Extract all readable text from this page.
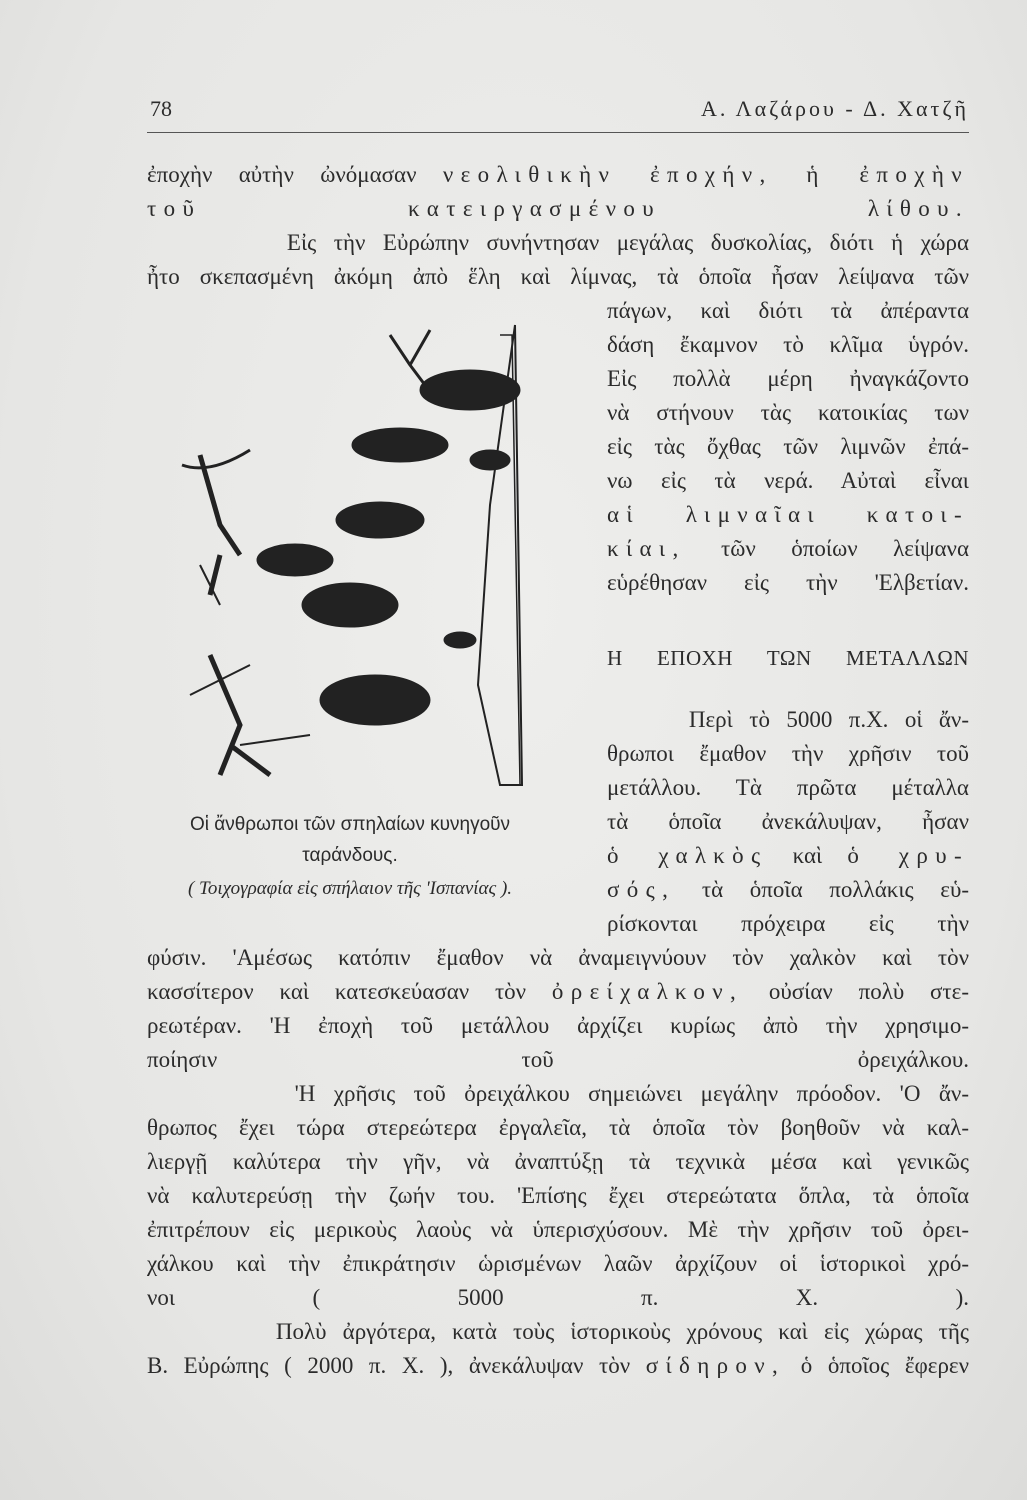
78	Α. Λαζάρου - Δ. Χατζῆ
ἐποχὴν αὐτὴν ὠνόμασαν νεολιθικὴν ἐποχήν, ἡ ἐποχὴν
τοῦ κατειργασμένου λίθου.
Εἰς τὴν Εὐρώπην συνήντησαν μεγάλας δυσκολίας, διότι ἡ χώρα
ἦτο σκεπασμένη ἀκόμη ἀπὸ ἕλη καὶ λίμνας, τὰ ὁποῖα ἦσαν λείψανα τῶν
πάγων, καὶ διότι τὰ ἀπέραντα
δάση ἔκαμνον τὸ κλῖμα ὑγρόν.
Εἰς πολλὰ μέρη ἠναγκάζοντο
νὰ στήνουν τὰς κατοικίας των
εἰς τὰς ὄχθας τῶν λιμνῶν ἐπά-
νω εἰς τὰ νερά. Αὐταὶ εἶναι
αἱ λιμναῖαι κατοι-
κίαι, τῶν ὁποίων λείψανα
εὑρέθησαν εἰς τὴν 'Ελβετίαν.
Περὶ τὸ 5000 π.Χ. οἱ ἄν-
θρωποι ἔμαθον τὴν χρῆσιν τοῦ
μετάλλου. Τὰ πρῶτα μέταλλα
τὰ ὁποῖα ἀνεκάλυψαν, ἦσαν
ὁ χαλκὸς καὶ ὁ χρυ-
σός, τὰ ὁποῖα πολλάκις εὑ-
ρίσκονται πρόχειρα εἰς τὴν
φύσιν. 'Αμέσως κατόπιν ἔμαθον νὰ ἀναμειγνύουν τὸν χαλκὸν καὶ τὸν
κασσίτερον καὶ κατεσκεύασαν τὸν ὀρείχαλκον, οὐσίαν πολὺ στε-
ρεωτέραν. 'Η ἐποχὴ τοῦ μετάλλου ἀρχίζει κυρίως ἀπὸ τὴν χρησιμο-
ποίησιν τοῦ ὀρειχάλκου.
'Η χρῆσις τοῦ ὀρειχάλκου σημειώνει μεγάλην πρόοδον. 'Ο ἄν-
θρωπος ἔχει τώρα στερεώτερα ἐργαλεῖα, τὰ ὁποῖα τὸν βοηθοῦν νὰ καλ-
λιεργῇ καλύτερα τὴν γῆν, νὰ ἀναπτύξῃ τὰ τεχνικὰ μέσα καὶ γενικῶς
νὰ καλυτερεύσῃ τὴν ζωήν του. 'Επίσης ἔχει στερεώτατα ὅπλα, τὰ ὁποῖα
ἐπιτρέπουν εἰς μερικοὺς λαοὺς νὰ ὑπερισχύσουν. Μὲ τὴν χρῆσιν τοῦ ὀρει-
χάλκου καὶ τὴν ἐπικράτησιν ὡρισμένων λαῶν ἀρχίζουν οἱ ἱστορικοὶ χρό-
νοι ( 5000 π. Χ. ).
Πολὺ ἀργότερα, κατὰ τοὺς ἱστορικοὺς χρόνους καὶ εἰς χώρας τῆς
Β. Εὐρώπης ( 2000 π. Χ. ), ἀνεκάλυψαν τὸν σίδηρον, ὁ ὁποῖος ἔφερεν
Η ΕΠΟΧΗ ΤΩΝ ΜΕΤΑΛΛΩΝ
Οἱ ἄνθρωποι τῶν σπηλαίων κυνηγοῦν
ταράνδους.
( Τοιχογραφία εἰς σπήλαιον τῆς 'Ισπανίας ).
